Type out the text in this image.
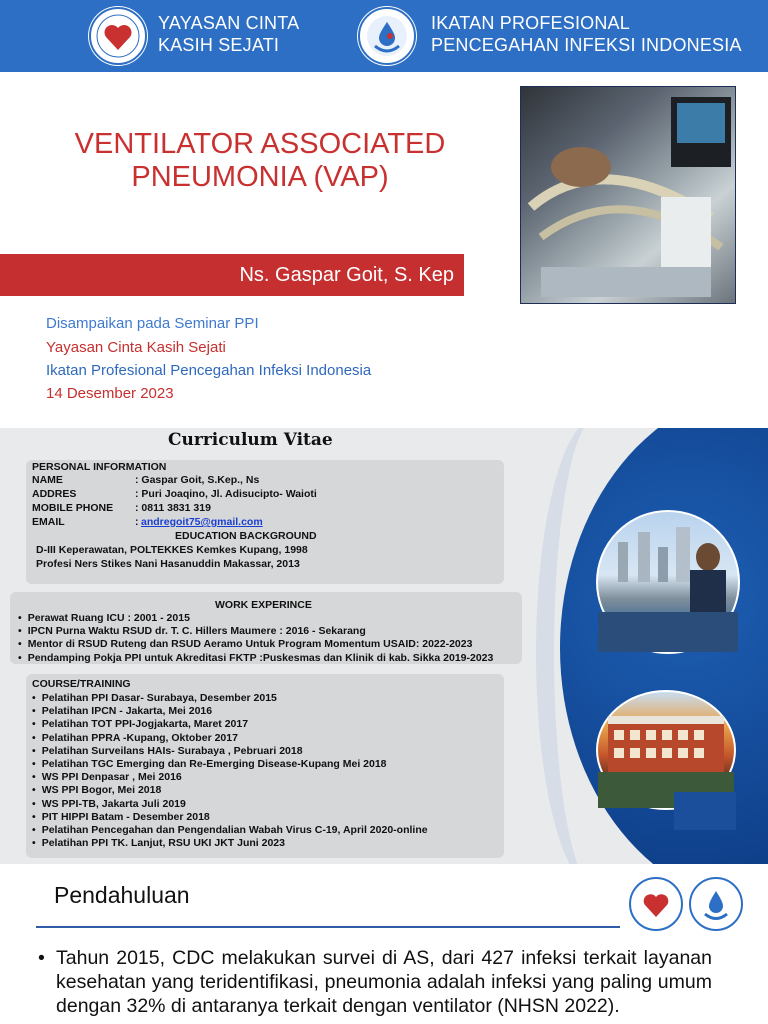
YAYASAN CINTA
KASIH SEJATI
IKATAN PROFESIONAL
PENCEGAHAN INFEKSI INDONESIA
VENTILATOR ASSOCIATED
PNEUMONIA (VAP)
Ns. Gaspar Goit, S. Kep
Disampaikan pada Seminar PPI
Yayasan Cinta Kasih Sejati
Ikatan Profesional Pencegahan Infeksi Indonesia
14 Desember 2023
Curriculum Vitae
PERSONAL INFORMATION
NAME	: Gaspar Goit, S.Kep., Ns
ADDRES	: Puri Joaqino, Jl. Adisucipto- Waioti
MOBILE PHONE : 0811 3831 319
EMAIL	: andregoit75@gmail.com
EDUCATION BACKGROUND
D-III Keperawatan, POLTEKKES Kemkes Kupang, 1998
Profesi Ners Stikes Nani Hasanuddin Makassar, 2013
WORK EXPERINCE
• Perawat Ruang ICU : 2001 - 2015
• IPCN Purna Waktu RSUD dr. T. C. Hillers Maumere : 2016 - Sekarang
• Mentor di RSUD Ruteng dan RSUD Aeramo Untuk Program Momentum USAID: 2022-2023
• Pendamping Pokja PPI untuk Akreditasi FKTP :Puskesmas dan Klinik di kab. Sikka 2019-2023
COURSE/TRAINING
• Pelatihan PPI Dasar- Surabaya, Desember 2015
• Pelatihan IPCN - Jakarta, Mei 2016
• Pelatihan TOT PPI-Jogjakarta, Maret 2017
• Pelatihan PPRA -Kupang, Oktober 2017
• Pelatihan Surveilans HAIs- Surabaya , Pebruari 2018
• Pelatihan TGC Emerging dan Re-Emerging Disease-Kupang Mei 2018
• WS PPI Denpasar , Mei 2016
• WS PPI Bogor, Mei 2018
• WS PPI-TB, Jakarta Juli 2019
• PIT HIPPI Batam - Desember 2018
• Pelatihan Pencegahan dan Pengendalian Wabah Virus C-19, April 2020-online
• Pelatihan PPI TK. Lanjut, RSU UKI JKT Juni 2023
Pendahuluan
• Tahun 2015, CDC melakukan survei di AS, dari 427 infeksi terkait layanan kesehatan yang teridentifikasi, pneumonia adalah infeksi yang paling umum dengan 32% di antaranya terkait dengan ventilator (NHSN 2022).
